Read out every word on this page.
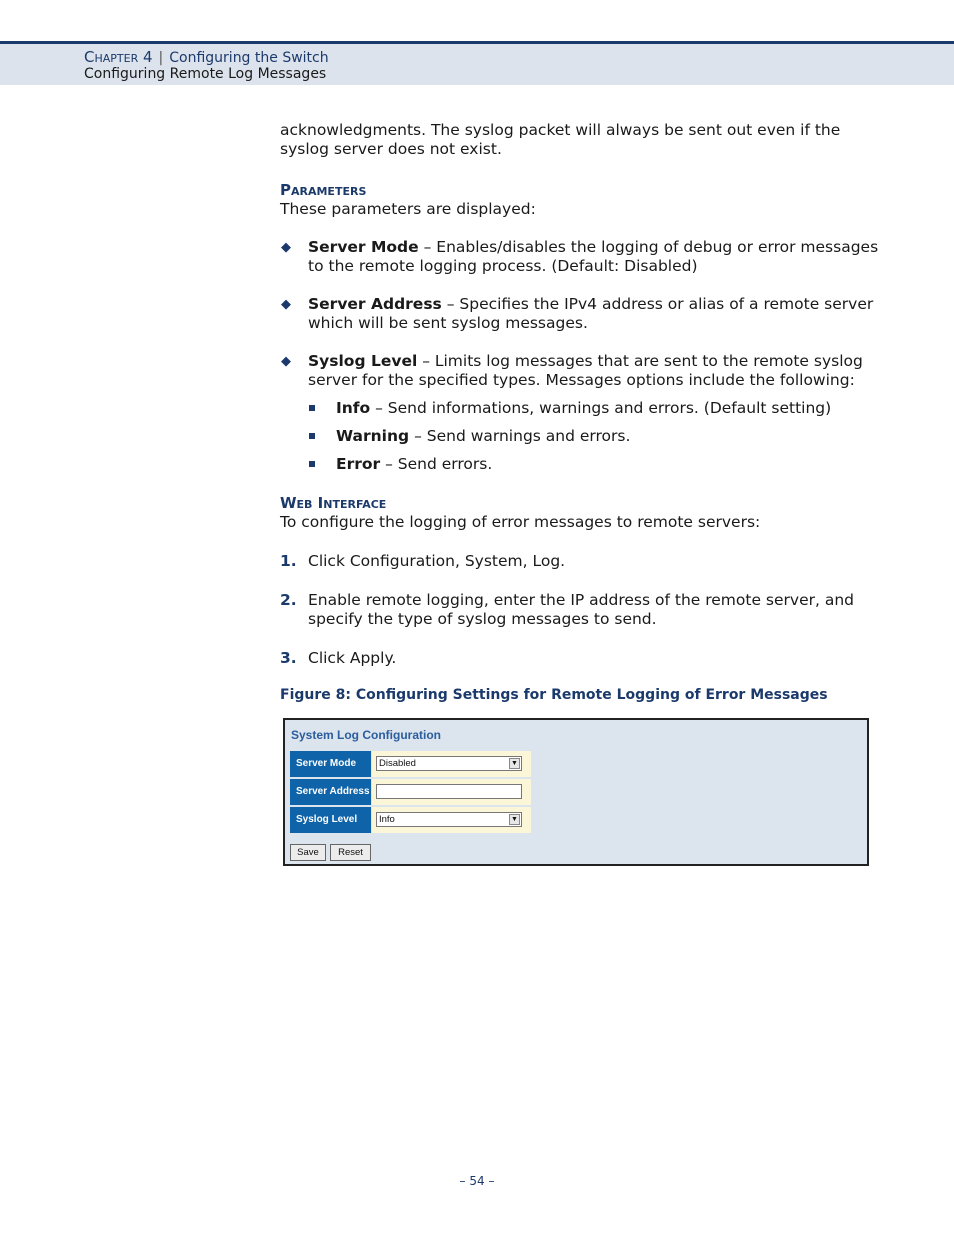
Chapter 4 | Configuring the Switch
Configuring Remote Log Messages

acknowledgments. The syslog packet will always be sent out even if the syslog server does not exist.

Parameters

These parameters are displayed:

◆ Server Mode – Enables/disables the logging of debug or error messages to the remote logging process. (Default: Disabled)
◆ Server Address – Specifies the IPv4 address or alias of a remote server which will be sent syslog messages.
◆ Syslog Level – Limits log messages that are sent to the remote syslog server for the specified types. Messages options include the following:
Info – Send informations, warnings and errors. (Default setting)
Warning – Send warnings and errors.
Error – Send errors.
Web Interface

To configure the logging of error messages to remote servers:

1. Click Configuration, System, Log.
2. Enable remote logging, enter the IP address of the remote server, and specify the type of syslog messages to send.
3. Click Apply.
Figure 8: Configuring Settings for Remote Logging of Error Messages
System Log Configuration
Server Mode	Disabled	▼
Server Address
Syslog Level	Info	▼
Save	Reset
– 54 –
